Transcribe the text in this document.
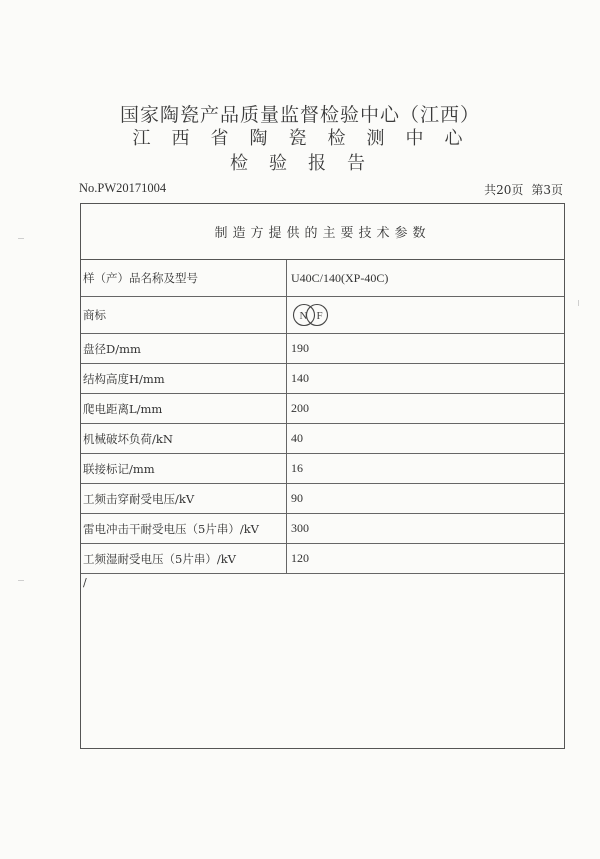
国家陶瓷产品质量监督检验中心（江西）
江西省陶瓷检测中心
检验报告
No.PW20171004	共20页 第3页
制造方提供的主要技术参数
样（产）品名称及型号	U40C/140(XP-40C)
商标	N F
盘径D/mm	190
结构高度H/mm	140
爬电距离L/mm	200
机械破坏负荷/kN	40
联接标记/mm	16
工频击穿耐受电压/kV	90
雷电冲击干耐受电压（5片串）/kV	300
工频湿耐受电压（5片串）/kV	120
/
